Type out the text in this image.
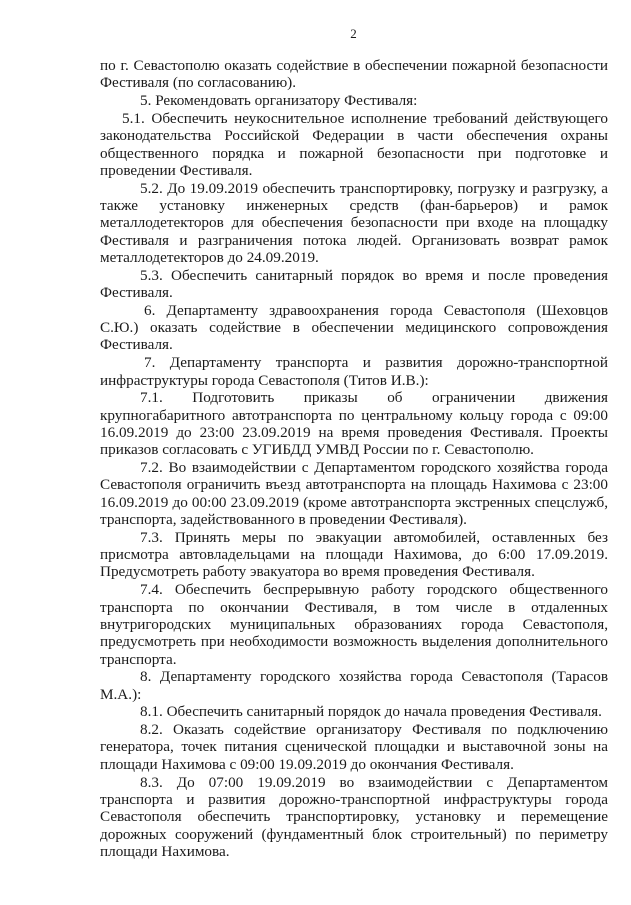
2

по г. Севастополю оказать содействие в обеспечении пожарной безопасности Фестиваля (по согласованию).

5. Рекомендовать организатору Фестиваля:

5.1. Обеспечить неукоснительное исполнение требований действующего законодательства Российской Федерации в части обеспечения охраны общественного порядка и пожарной безопасности при подготовке и проведении Фестиваля.

5.2. До 19.09.2019 обеспечить транспортировку, погрузку и разгрузку, а также установку инженерных средств (фан-барьеров) и рамок металлодетекторов для обеспечения безопасности при входе на площадку Фестиваля и разграничения потока людей. Организовать возврат рамок металлодетекторов до 24.09.2019.

5.3. Обеспечить санитарный порядок во время и после проведения Фестиваля.

6. Департаменту здравоохранения города Севастополя (Шеховцов С.Ю.) оказать содействие в обеспечении медицинского сопровождения Фестиваля.

7. Департаменту транспорта и развития дорожно-транспортной инфраструктуры города Севастополя (Титов И.В.):

7.1. Подготовить приказы об ограничении движения крупногабаритного автотранспорта по центральному кольцу города с 09:00 16.09.2019 до 23:00 23.09.2019 на время проведения Фестиваля. Проекты приказов согласовать с УГИБДД УМВД России по г. Севастополю.

7.2. Во взаимодействии с Департаментом городского хозяйства города Севастополя ограничить въезд автотранспорта на площадь Нахимова с 23:00 16.09.2019 до 00:00 23.09.2019 (кроме автотранспорта экстренных спецслужб, транспорта, задействованного в проведении Фестиваля).

7.3. Принять меры по эвакуации автомобилей, оставленных без присмотра автовладельцами на площади Нахимова, до 6:00 17.09.2019. Предусмотреть работу эвакуатора во время проведения Фестиваля.

7.4. Обеспечить беспрерывную работу городского общественного транспорта по окончании Фестиваля, в том числе в отдаленных внутригородских муниципальных образованиях города Севастополя, предусмотреть при необходимости возможность выделения дополнительного транспорта.

8. Департаменту городского хозяйства города Севастополя (Тарасов М.А.):

8.1. Обеспечить санитарный порядок до начала проведения Фестиваля.

8.2. Оказать содействие организатору Фестиваля по подключению генератора, точек питания сценической площадки и выставочной зоны на площади Нахимова с 09:00 19.09.2019 до окончания Фестиваля.

8.3. До 07:00 19.09.2019 во взаимодействии с Департаментом транспорта и развития дорожно-транспортной инфраструктуры города Севастополя обеспечить транспортировку, установку и перемещение дорожных сооружений (фундаментный блок строительный) по периметру площади Нахимова.
